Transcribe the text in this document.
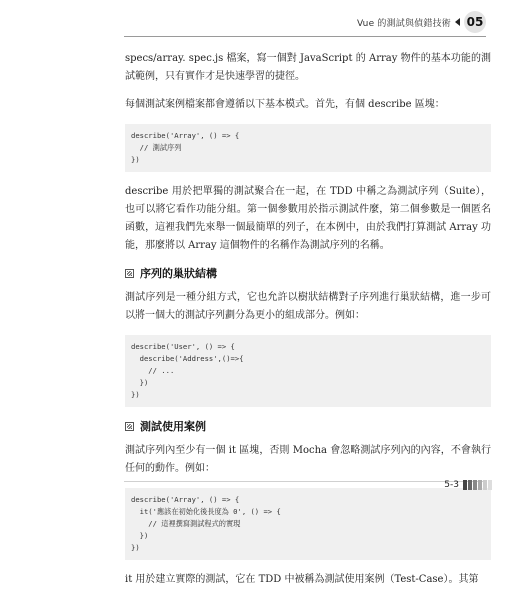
Vue 的測試與偵錯技術 05

specs/array. spec.js 檔案，寫一個對 JavaScript 的 Array 物件的基本功能的測試範例，只有實作才是快速學習的捷徑。

每個測試案例檔案都會遵循以下基本模式。首先，有個 describe 區塊：

describe('Array', () => {
// 測試序列
})

describe 用於把單獨的測試聚合在一起，在 TDD 中稱之為測試序列（Suite），也可以將它看作功能分組。第一個參數用於指示測試件麼，第二個參數是一個匿名函數，這裡我們先來舉一個最簡單的列子，在本例中，由於我們打算測試 Array 功能，那麼將以 Array 這個物件的名稱作為測試序列的名稱。

序列的巢狀結構

測試序列是一種分組方式，它也允許以樹狀結構對子序列進行巢狀結構，進一步可以將一個大的測試序列劃分為更小的組成部分。例如：

describe('User', () => {
describe('Address',()=>{
// ...
})
})
測試使用案例

測試序列內至少有一個 it 區塊，否則 Mocha 會忽略測試序列內的內容，不會執行任何的動作。例如：

describe('Array', () => {
it('應該在初始化後長度為 0', () => {
// 這裡撰寫測試程式的實現
})
})

it 用於建立實際的測試，它在 TDD 中被稱為測試使用案例（Test-Case）。其第

5-3
